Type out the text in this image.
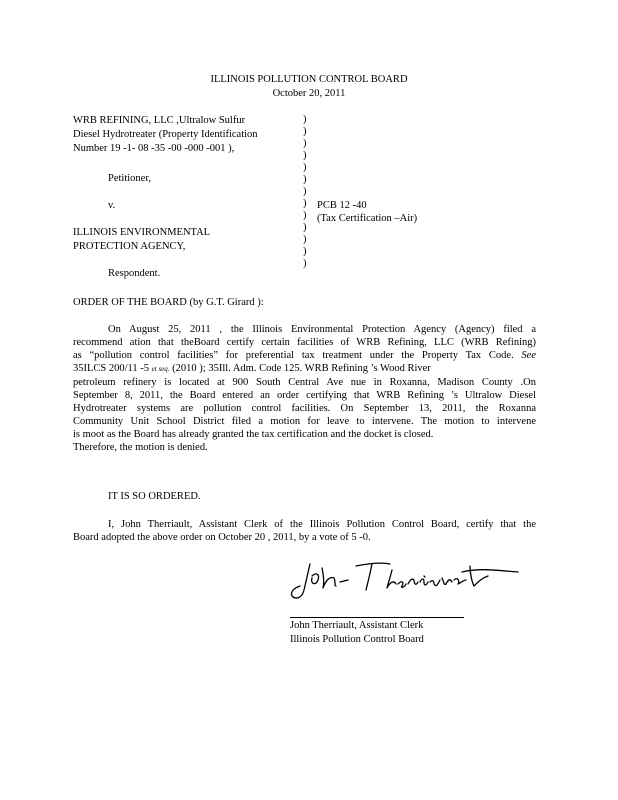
ILLINOIS POLLUTION CONTROL BOARD
October 20, 2011
WRB REFINING, LLC ,Ultralow Sulfur
Diesel Hydrotreater (Property Identification
Number 19 -1- 08 -35 -00 -000 -001 ),
Petitioner,
v.
ILLINOIS ENVIRONMENTAL
PROTECTION AGENCY,
Respondent.
)
)
)
)
)
)
)
)
)
)
)
)
)
PCB 12 -40
(Tax Certification –Air)
ORDER OF THE BOARD (by G.T. Girard ):
On August 25, 2011 , the Illinois Environmental Protection Agency (Agency) filed a
recommend ation that theBoard certify certain facilities of WRB Refining, LLC (WRB Refining)
as “pollution control facilities” for preferential tax treatment under the Property Tax Code. See
35ILCS 200/11 -5 et seq. (2010 ); 35Ill. Adm. Code 125. WRB Refining ’s Wood River
petroleum refinery is located at 900 South Central Ave nue in Roxanna, Madison County .On
September 8, 2011, the Board entered an order certifying that WRB Refining ’s Ultralow Diesel
Hydrotreater systems are pollution control facilities. On September 13, 2011, the Roxanna
Community Unit School District filed a motion for leave to intervene. The motion to intervene
is moot as the Board has already granted the tax certification and the docket is closed.
Therefore, the motion is denied.
IT IS SO ORDERED.
I, John Therriault, Assistant Clerk of the Illinois Pollution Control Board, certify that the
Board adopted the above order on October 20 , 2011, by a vote of 5 -0.
John Therriault, Assistant Clerk
Illinois Pollution Control Board
